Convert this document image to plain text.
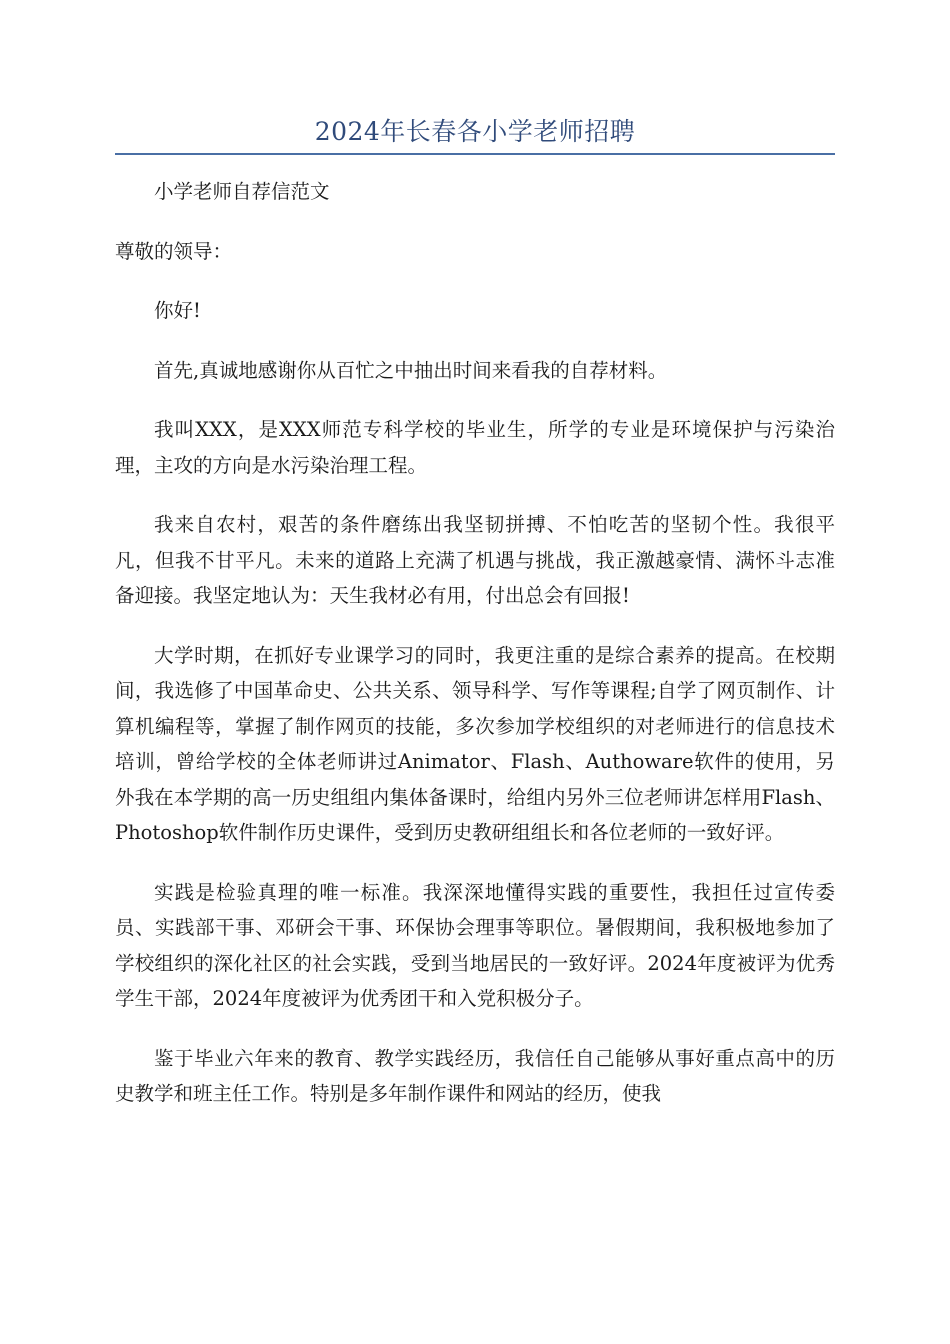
2024年长春各小学老师招聘

小学老师自荐信范文

尊敬的领导：

你好!

首先,真诚地感谢你从百忙之中抽出时间来看我的自荐材料。

我叫XXX，是XXX师范专科学校的毕业生，所学的专业是环境保护与污染治理，主攻的方向是水污染治理工程。

我来自农村，艰苦的条件磨练出我坚韧拼搏、不怕吃苦的坚韧个性。我很平凡，但我不甘平凡。未来的道路上充满了机遇与挑战，我正激越豪情、满怀斗志准备迎接。我坚定地认为：天生我材必有用，付出总会有回报!

大学时期，在抓好专业课学习的同时，我更注重的是综合素养的提高。在校期间，我选修了中国革命史、公共关系、领导科学、写作等课程;自学了网页制作、计算机编程等，掌握了制作网页的技能，多次参加学校组织的对老师进行的信息技术培训，曾给学校的全体老师讲过Animator、Flash、Authoware软件的使用，另外我在本学期的高一历史组组内集体备课时，给组内另外三位老师讲怎样用Flash、Photoshop软件制作历史课件，受到历史教研组组长和各位老师的一致好评。

实践是检验真理的唯一标准。我深深地懂得实践的重要性，我担任过宣传委员、实践部干事、邓研会干事、环保协会理事等职位。暑假期间，我积极地参加了学校组织的深化社区的社会实践，受到当地居民的一致好评。2024年度被评为优秀学生干部，2024年度被评为优秀团干和入党积极分子。

鉴于毕业六年来的教育、教学实践经历，我信任自己能够从事好重点高中的历史教学和班主任工作。特别是多年制作课件和网站的经历，使我
